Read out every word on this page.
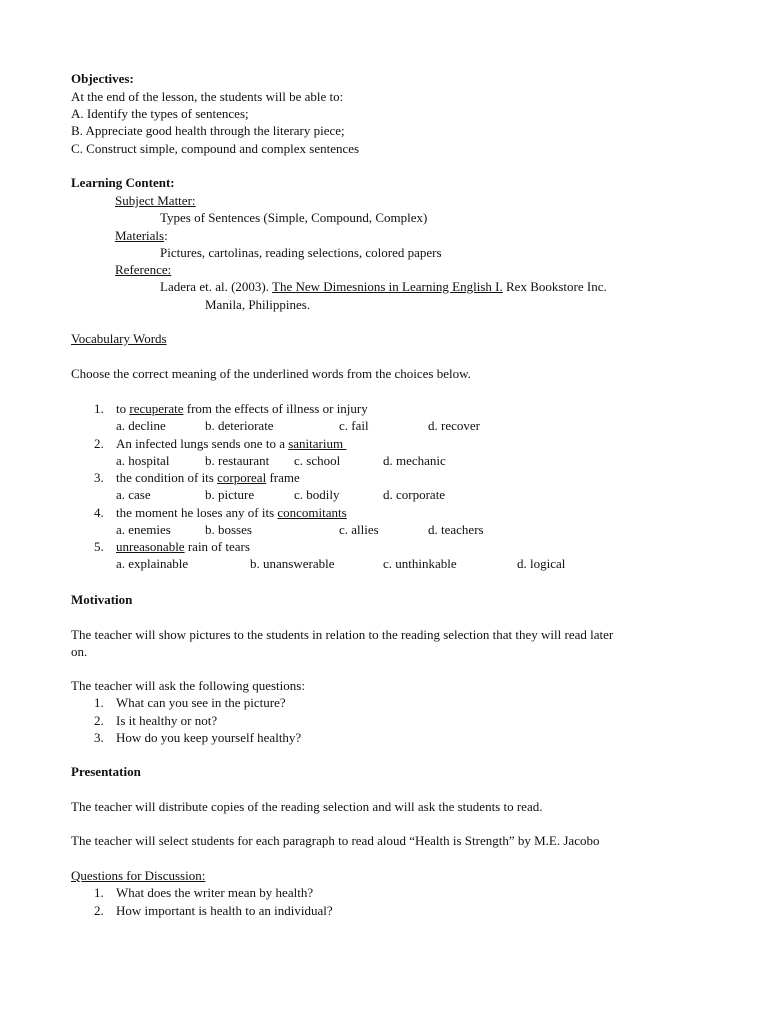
Objectives:
At the end of the lesson, the students will be able to:
A. Identify the types of sentences;
B. Appreciate good health through the literary piece;
C. Construct simple, compound and complex sentences
Learning Content:
Subject Matter:
Types of Sentences (Simple, Compound, Complex)
Materials:
Pictures, cartolinas, reading selections, colored papers
Reference:
Ladera et. al. (2003). The New Dimesnions in Learning English I. Rex Bookstore Inc.
Manila, Philippines.
Vocabulary Words
Choose the correct meaning of the underlined words from the choices below.
1. to recuperate from the effects of illness or injury
a. decline	b. deteriorate	c. fail	d. recover
2. An infected lungs sends one to a sanitarium
a. hospital	b. restaurant c. school	d. mechanic
3. the condition of its corporeal frame
a. case	b. picture	c. bodily	d. corporate
4. the moment he loses any of its concomitants
a. enemies	b. bosses	c. allies	d. teachers
5. unreasonable rain of tears
a. explainable	b. unanswerable	c. unthinkable	d. logical
Motivation
The teacher will show pictures to the students in relation to the reading selection that they will read later
on.
The teacher will ask the following questions:
1. What can you see in the picture?
2. Is it healthy or not?
3. How do you keep yourself healthy?
Presentation
The teacher will distribute copies of the reading selection and will ask the students to read.
The teacher will select students for each paragraph to read aloud “Health is Strength” by M.E. Jacobo
Questions for Discussion:
1. What does the writer mean by health?
2. How important is health to an individual?
